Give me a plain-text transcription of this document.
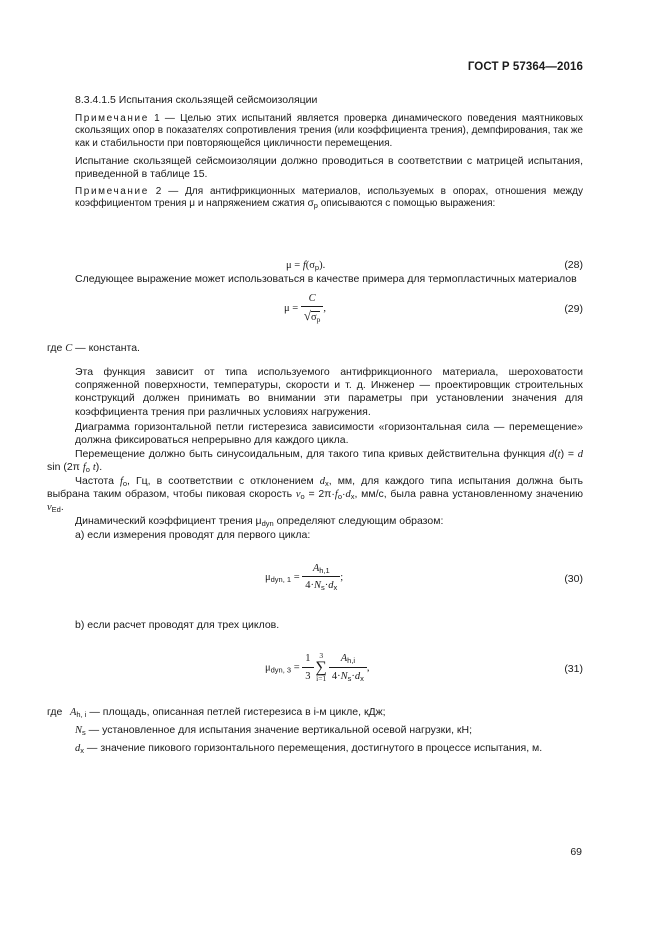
ГОСТ Р 57364—2016
8.3.4.1.5 Испытания скользящей сейсмоизоляции
Примечание 1 — Целью этих испытаний является проверка динамического поведения маятниковых скользящих опор в показателях сопротивления трения (или коэффициента трения), демпфирования, так же как и стабильности при повторяющейся цикличности перемещения.
Испытание скользящей сейсмоизоляции должно проводиться в соответствии с матрицей испытания, приведенной в таблице 15.
Примечание 2 — Для антифрикционных материалов, используемых в опорах, отношения между коэффициентом трения μ и напряжением сжатия $\sigma_p$ описываются с помощью выражения:
$\mu = f(\sigma_p)$.	(28)
Следующее выражение может использоваться в качестве примера для термопластичных материалов
$\mu = \frac{C}{√\sigma_p}$ ,	(29)
где C — константа.
Эта функция зависит от типа используемого антифрикционного материала, шероховатости сопряженной поверхности, температуры, скорости и т. д. Инженер — проектировщик строительных конструкций должен принимать во внимании эти параметры при установлении значения для коэффициента трения при различных условиях нагружения.
Диаграмма горизонтальной петли гистерезиса зависимости «горизонтальная сила — перемещение» должна фиксироваться непрерывно для каждого цикла.
Перемещение должно быть синусоидальным, для такого типа кривых действительна функция d(t) = d sin (2π $f_o$ t).
Частота $f_o$, Гц, в соответствии с отклонением $d_x$, мм, для каждого типа испытания должна быть выбрана таким образом, чтобы пиковая скорость $v_o = 2\pi\cdot f_o\cdot d_x$, мм/с, была равна установленному значению $v_{Ed}$.
Динамический коэффициент трения $\mu_{dyn}$ определяют следующим образом:
а) если измерения проводят для первого цикла:
$\mu_{dyn, 1} = \frac{A_{h,1}}{4\cdot N_s\cdot d_x}$ ;	(30)
b) если расчет проводят для трех циклов.
$\mu_{dyn, 3} = \frac{1}{3} 3$
∑
$i=1 \frac{A_{h,i}}{4\cdot N_s\cdot d_x}$ ,	(31)
где $A_{h, i}$ — площадь, описанная петлей гистерезиса в i-м цикле, кДж;
$N_s$ — установленное для испытания значение вертикальной осевой нагрузки, кН;
$d_x$ — значение пикового горизонтального перемещения, достигнутого в процессе испытания, м.
69
